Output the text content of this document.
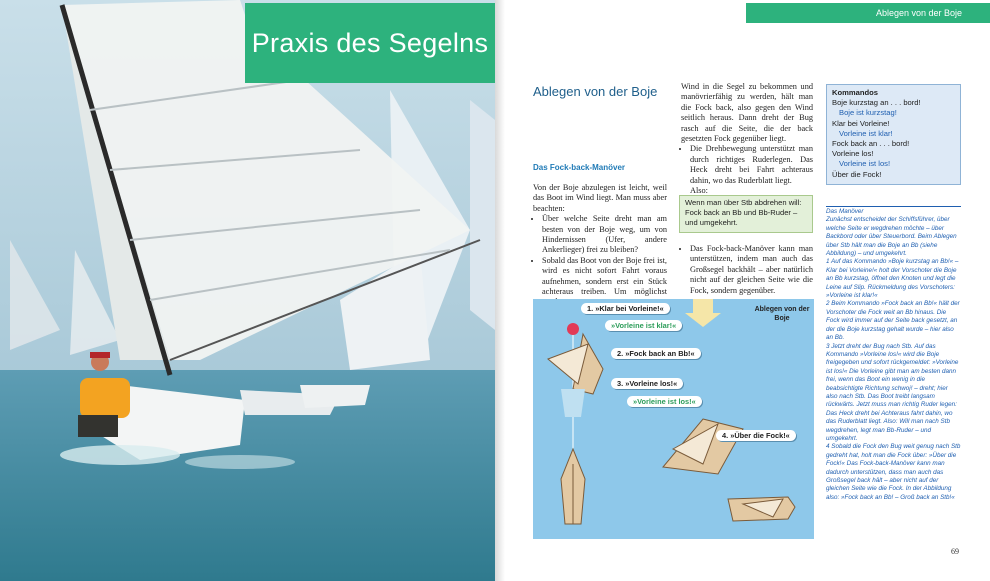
Praxis des Segelns
Ablegen von der Boje
Ablegen von der Boje
Das Fock-back-Manöver
Von der Boje abzulegen ist leicht, weil das Boot im Wind liegt. Man muss aber beachten:
• Über welche Seite dreht man am besten von der Boje weg, um von Hindernissen (Ufer, andere Ankerlieger) frei zu bleiben?
• Sobald das Boot von der Boje frei ist, wird es nicht sofort Fahrt voraus aufnehmen, sondern erst ein Stück achteraus treiben. Um möglichst
Wind in die Segel zu bekommen und manövrierfähig zu werden, hält man die Fock back, also gegen den Wind seitlich heraus. Dann dreht der Bug rasch auf die Seite, die der back gesetzten Fock gegenüber liegt.
• Die Drehbewegung unterstützt man durch richtiges Ruderlegen. Das Heck dreht bei Fahrt achteraus dahin, wo das Ruderblatt liegt.
Also:
Wenn man über Stb abdrehen will: Fock back an Bb und Bb-Ruder – und umgekehrt.
• Das Fock-back-Manöver kann man unterstützen, indem man auch das Großsegel backhält – aber natürlich nicht auf der gleichen Seite wie die Fock, sondern gegenüber.
Ablegen von der Boje
1. »Klar bei Vorleine!«
»Vorleine ist klar!«
2. »Fock back an Bb!«
3. »Vorleine los!«
»Vorleine ist los!«
4. »Über die Fock!«
Kommandos
Boje kurzstag an . . . bord!
Boje ist kurzstag!
Klar bei Vorleine!
Vorleine ist klar!
Fock back an . . . bord!
Vorleine los!
Vorleine ist los!
Über die Fock!
Das Manöver

Zunächst entscheidet der Schiffsführer, über welche Seite er wegdrehen möchte – über Backbord oder über Steuerbord. Beim Ablegen über Stb hält man die Boje an Bb (siehe Abbildung) – und umgekehrt.

1 Auf das Kommando »Boje kurzstag an Bb!« – Klar bei Vorleine!« holt der Vorschoter die Boje an Bb kurzstag, öffnet den Knoten und legt die Leine auf Slip. Rückmeldung des Vorschoters: »Vorleine ist klar!«

2 Beim Kommando »Fock back an Bb!« hält der Vorschoter die Fock weit an Bb hinaus. Die Fock wird immer auf der Seite back gesetzt, an der die Boje kurzstag gehalt wurde – hier also an Bb.

3 Jetzt dreht der Bug nach Stb. Auf das Kommando »Vorleine los!« wird die Boje freigegeben und sofort rückgemeldet: »Vorleine ist los!« Die Vorleine gibt man am besten dann frei, wenn das Boot ein wenig in die beabsichtigte Richtung schwoj! – dreht; hier also nach Stb. Das Boot treibt langsam rückwärts. Jetzt muss man richtig Ruder legen: Das Heck dreht bei Achteraus fahrt dahin, wo das Ruderblatt liegt. Also: Will man nach Stb wegdrehen, legt man Bb-Ruder – und umgekehrt.

4 Sobald die Fock den Bug weit genug nach Stb gedreht hat, holt man die Fock über: »Über die Fock!« Das Fock-back-Manöver kann man dadurch unterstützen, dass man auch das Großsegel back hält – aber nicht auf der gleichen Seite wie die Fock. In der Abbildung also: »Fock back an Bb! – Groß back an Stb!«

69
